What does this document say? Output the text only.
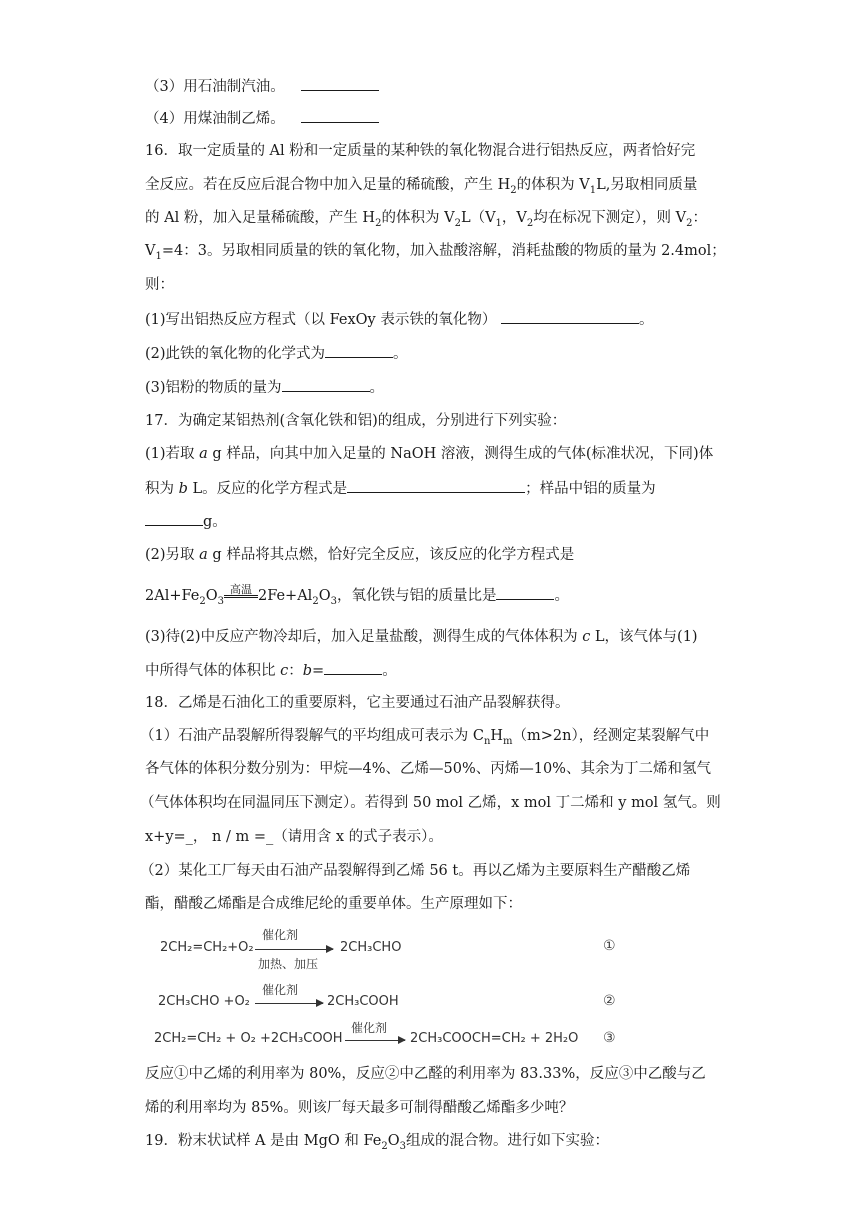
（3）用石油制汽油。
（4）用煤油制乙烯。
16．取一定质量的 Al 粉和一定质量的某种铁的氧化物混合进行铝热反应，两者恰好完
全反应。若在反应后混合物中加入足量的稀硫酸，产生 $H_2$的体积为 $V_1L$,另取相同质量
的 Al 粉，加入足量稀硫酸，产生 $H_2$的体积为 $V_2L(V_1$，$V_2$均在标况下测定），则 $V_2$：
$V_1=4$：3。另取相同质量的铁的氧化物，加入盐酸溶解，消耗盐酸的物质的量为 2.4mol；
则：
(1)写出铝热反应方程式（以 FexOy 表示铁的氧化物）	。
(2)此铁的氧化物的化学式为	。
(3)铝粉的物质的量为	。
17．为确定某铝热剂(含氧化铁和铝)的组成，分别进行下列实验：
(1)若取 a g 样品，向其中加入足量的 NaOH 溶液，测得生成的气体(标准状况，下同)体
积为 b L。反应的化学方程式是	；样品中铝的质量为
g。
(2)另取 a g 样品将其点燃，恰好完全反应，该反应的化学方程式是
$2Al+Fe_2O_3$高温 $2Fe+Al_2O_3$，氧化铁与铝的质量比是	。
(3)待(2)中反应产物冷却后，加入足量盐酸，测得生成的气体体积为 c L，该气体与(1)
中所得气体的体积比 c：b=	。
18．乙烯是石油化工的重要原料，它主要通过石油产品裂解获得。
（1）石油产品裂解所得裂解气的平均组成可表示为 $C_nH_m(m>2n)$，经测定某裂解气中
各气体的体积分数分别为：甲烷—4%、乙烯—50%、丙烯—10%、其余为丁二烯和氢气
（气体体积均在同温同压下测定）。若得到 50 mol 乙烯，x mol 丁二烯和 y mol 氢气。则
x+y=_， n / m =_（请用含 x 的式子表示）。
（2）某化工厂每天由石油产品裂解得到乙烯 56 t。再以乙烯为主要原料生产醋酸乙烯
酯，醋酸乙烯酯是合成维尼纶的重要单体。生产原理如下：
2CH₂=CH₂+O₂
催化剂
加热、加压
2CH₃CHO	①
2CH₃CHO +O₂
催化剂
2CH₃COOH	②
2CH₂=CH₂ + O₂ +2CH₃COOH
催化剂
2CH₃COOCH=CH₂ + 2H₂O ③
反应①中乙烯的利用率为 80%，反应②中乙醛的利用率为 83.33%，反应③中乙酸与乙
烯的利用率均为 85%。则该厂每天最多可制得醋酸乙烯酯多少吨？
19．粉末状试样 A 是由 MgO 和 $Fe_2O_3$组成的混合物。进行如下实验：
